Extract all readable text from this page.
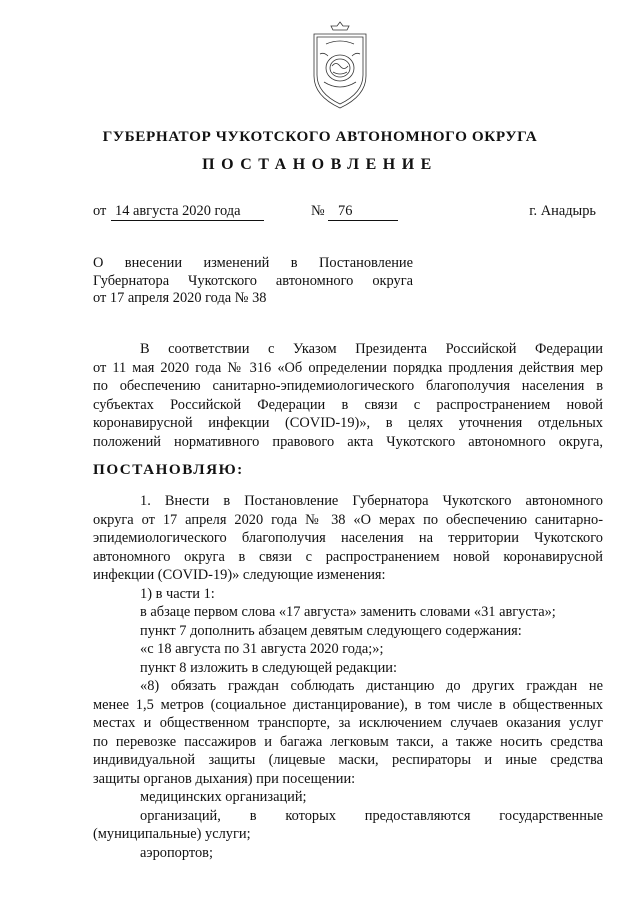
ГУБЕРНАТОР ЧУКОТСКОГО АВТОНОМНОГО ОКРУГА
ПОСТАНОВЛЕНИЕ
от 14 августа 2020 года	№ 76	г. Анадырь
О внесении изменений в Постановление
Губернатора Чукотского автономного округа
от 17 апреля 2020 года № 38
В соответствии с Указом Президента Российской Федерации
от 11 мая 2020 года № 316 «Об определении порядка продления действия мер
по обеспечению санитарно-эпидемиологического благополучия населения в
субъектах Российской Федерации в связи с распространением новой
коронавирусной инфекции (COVID-19)», в целях уточнения отдельных
положений нормативного правового акта Чукотского автономного округа,
ПОСТАНОВЛЯЮ:
1. Внести в Постановление Губернатора Чукотского автономного
округа от 17 апреля 2020 года № 38 «О мерах по обеспечению санитарно-
эпидемиологического благополучия населения на территории Чукотского
автономного округа в связи с распространением новой коронавирусной
инфекции (COVID-19)» следующие изменения:
1) в части 1:
в абзаце первом слова «17 августа» заменить словами «31 августа»;
пункт 7 дополнить абзацем девятым следующего содержания:
«с 18 августа по 31 августа 2020 года;»;
пункт 8 изложить в следующей редакции:
«8) обязать граждан соблюдать дистанцию до других граждан не
менее 1,5 метров (социальное дистанцирование), в том числе в общественных
местах и общественном транспорте, за исключением случаев оказания услуг
по перевозке пассажиров и багажа легковым такси, а также носить средства
индивидуальной защиты (лицевые маски, респираторы и иные средства
защиты органов дыхания) при посещении:
медицинских организаций;
организаций, в которых предоставляются государственные
(муниципальные) услуги;
аэропортов;
